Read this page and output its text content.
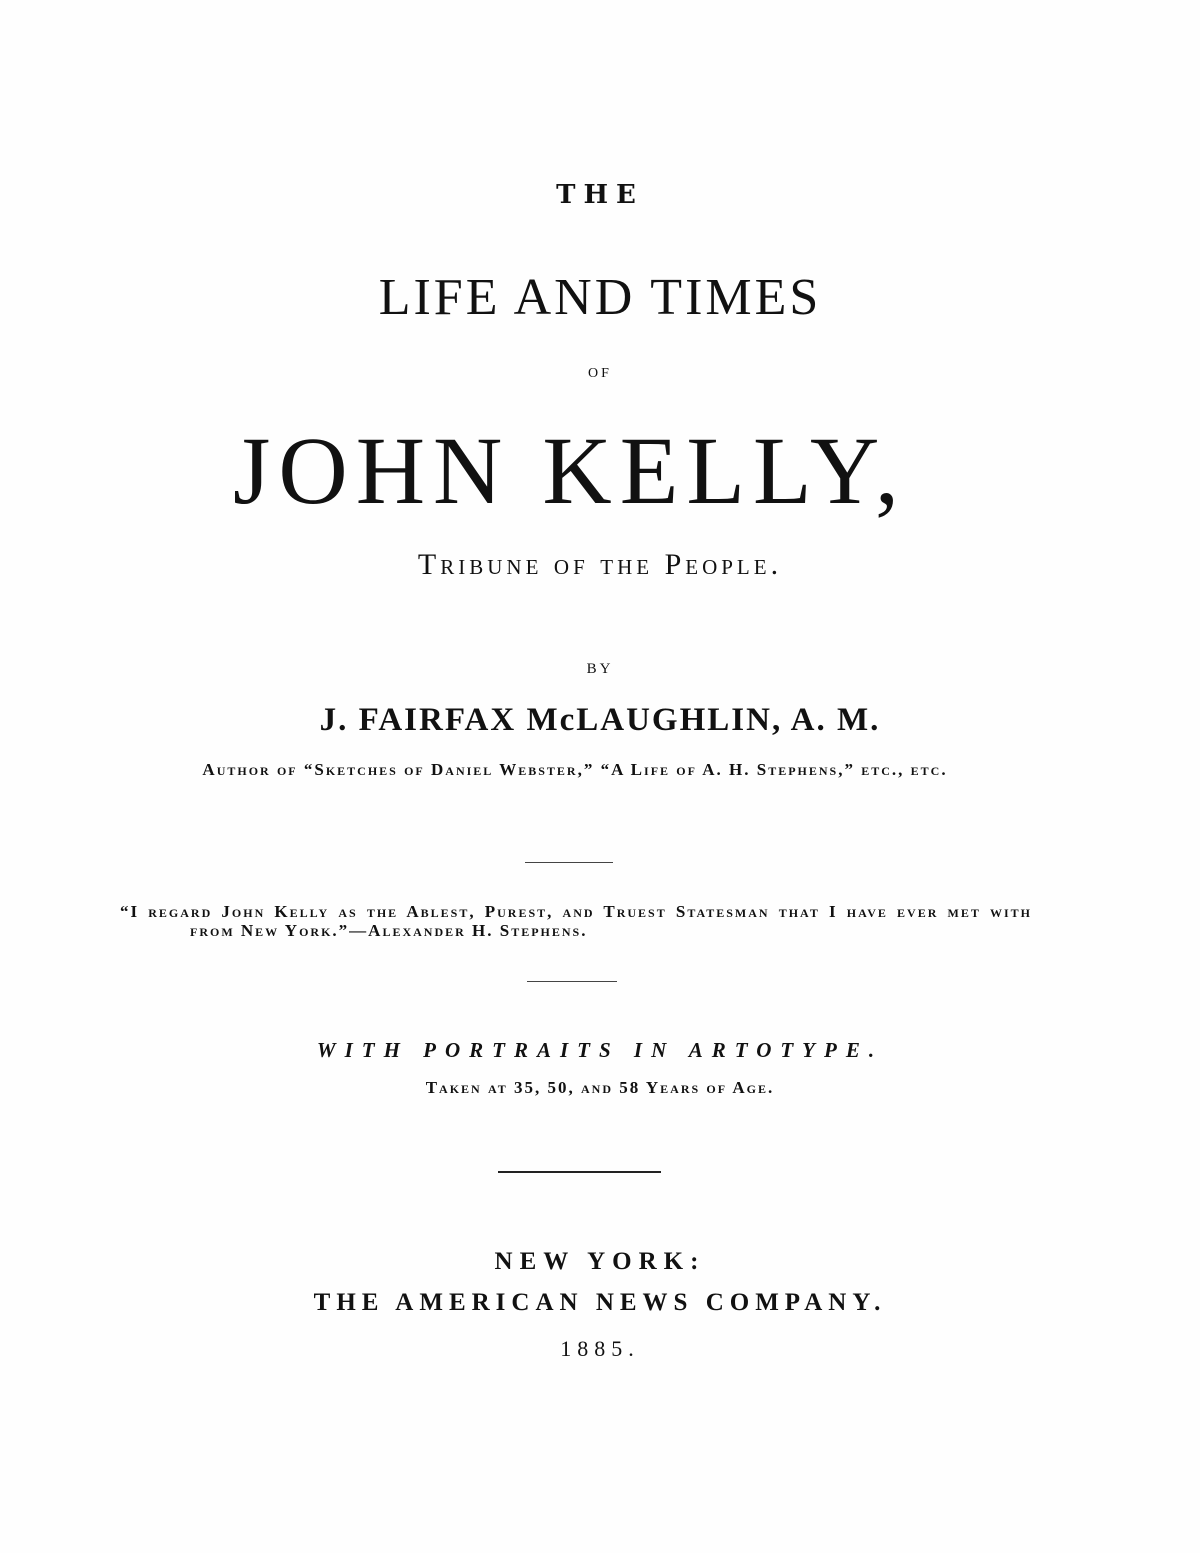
THE
LIFE AND TIMES
OF
JOHN KELLY,
Tribune of the People.
BY
J. FAIRFAX McLAUGHLIN, A. M.
Author of “Sketches of Daniel Webster,” “A Life of A. H. Stephens,” etc., etc.
“I regard John Kelly as the Ablest, Purest, and Truest Statesman that I have ever met with from New York.”—Alexander H. Stephens.
WITH PORTRAITS IN ARTOTYPE.
Taken at 35, 50, and 58 Years of Age.
NEW YORK:
THE AMERICAN NEWS COMPANY.
1885.
